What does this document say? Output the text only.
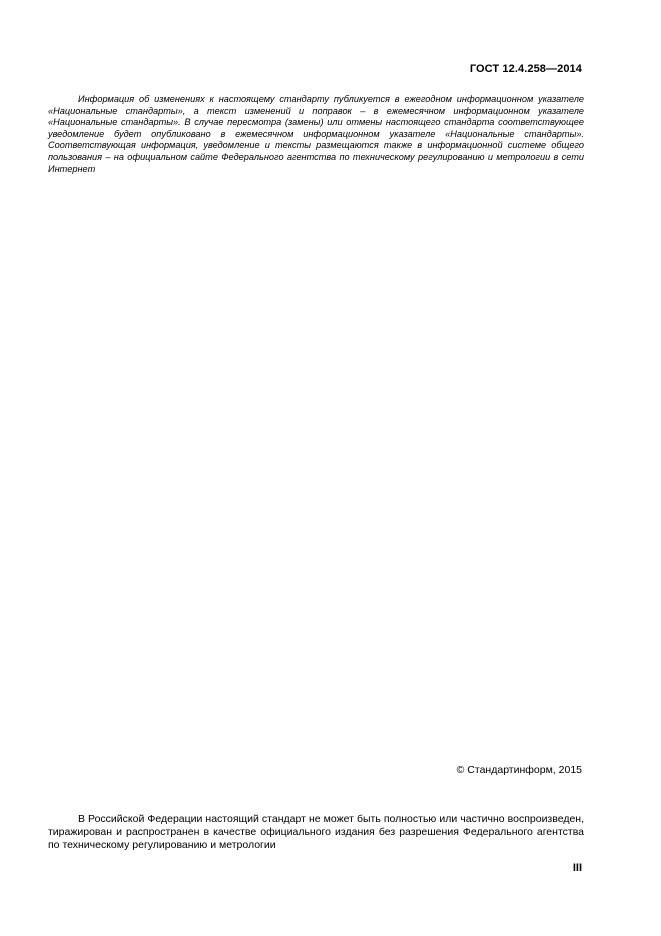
ГОСТ 12.4.258—2014

Информация об изменениях к настоящему стандарту публикуется в ежегодном информационном указателе «Национальные стандарты», а текст изменений и поправок – в ежемесячном информационном указателе «Национальные стандарты». В случае пересмотра (замены) или отмены настоящего стандарта соответствующее уведомление будет опубликовано в ежемесячном информационном указателе «Национальные стандарты». Соответствующая информация, уведомление и тексты размещаются также в информационной системе общего пользования – на официальном сайте Федерального агентства по техническому регулированию и метрологии в сети Интернет

© Стандартинформ, 2015

В Российской Федерации настоящий стандарт не может быть полностью или частично воспроизведен, тиражирован и распространен в качестве официального издания без разрешения Федерального агентства по техническому регулированию и метрологии

III
